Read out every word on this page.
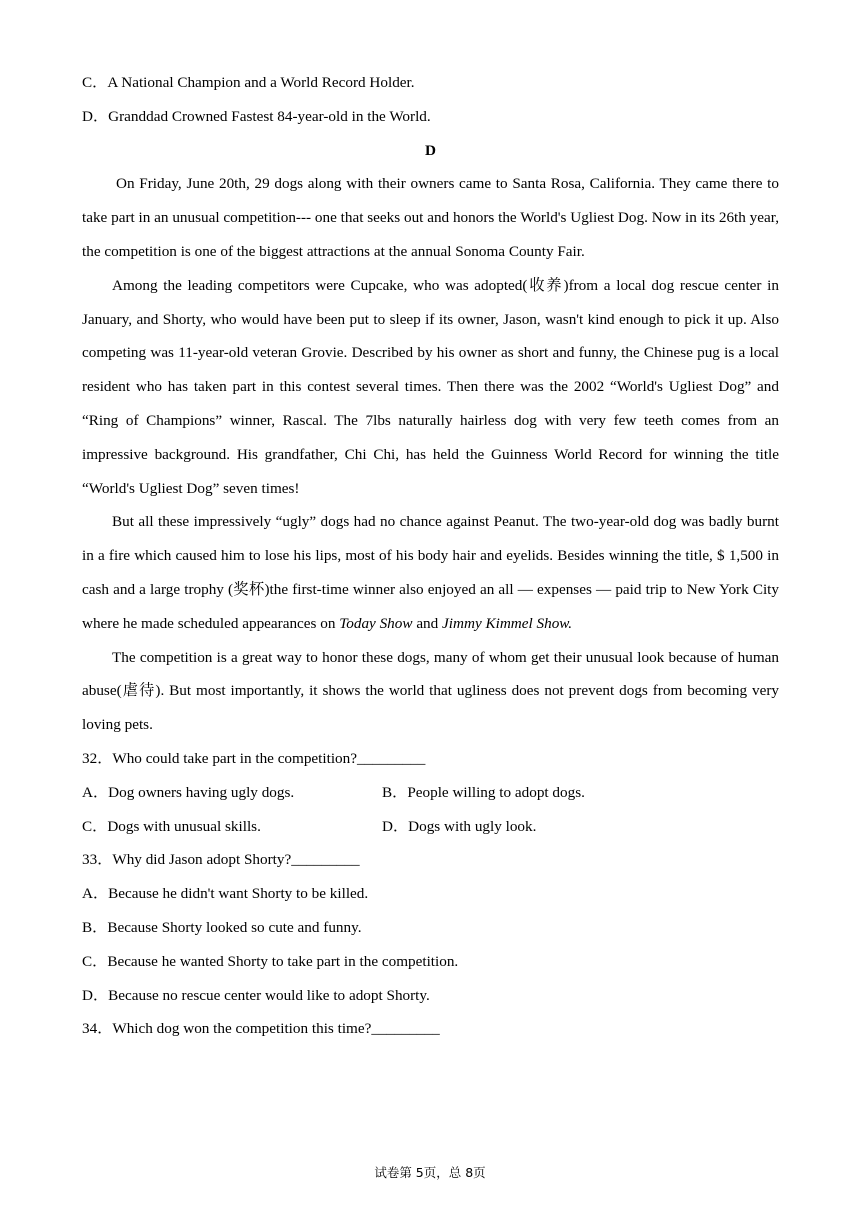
C．A National Champion and a World Record Holder.
D．Granddad Crowned Fastest 84-year-old in the World.
D

On Friday, June 20th, 29 dogs along with their owners came to Santa Rosa, California. They came there to take part in an unusual competition--- one that seeks out and honors the World's Ugliest Dog. Now in its 26th year, the competition is one of the biggest attractions at the annual Sonoma County Fair.

Among the leading competitors were Cupcake, who was adopted(收养)from a local dog rescue center in January, and Shorty, who would have been put to sleep if its owner, Jason, wasn't kind enough to pick it up. Also competing was 11-year-old veteran Grovie. Described by his owner as short and funny, the Chinese pug is a local resident who has taken part in this contest several times. Then there was the 2002 “World's Ugliest Dog” and “Ring of Champions” winner, Rascal. The 7lbs naturally hairless dog with very few teeth comes from an impressive background. His grandfather, Chi Chi, has held the Guinness World Record for winning the title “World's Ugliest Dog” seven times!

But all these impressively “ugly” dogs had no chance against Peanut. The two-year-old dog was badly burnt in a fire which caused him to lose his lips, most of his body hair and eyelids. Besides winning the title, $ 1,500 in cash and a large trophy (奖杯)the first-time winner also enjoyed an all — expenses — paid trip to New York City where he made scheduled appearances on Today Show and Jimmy Kimmel Show.

The competition is a great way to honor these dogs, many of whom get their unusual look because of human abuse(虐待). But most importantly, it shows the world that ugliness does not prevent dogs from becoming very loving pets.

32．Who could take part in the competition?_________
A．Dog owners having ugly dogs.	B．People willing to adopt dogs.
C．Dogs with unusual skills.	D．Dogs with ugly look.
33．Why did Jason adopt Shorty?_________
A．Because he didn't want Shorty to be killed.
B．Because Shorty looked so cute and funny.
C．Because he wanted Shorty to take part in the competition.
D．Because no rescue center would like to adopt Shorty.
34．Which dog won the competition this time?_________
试卷第 5页，总 8页
